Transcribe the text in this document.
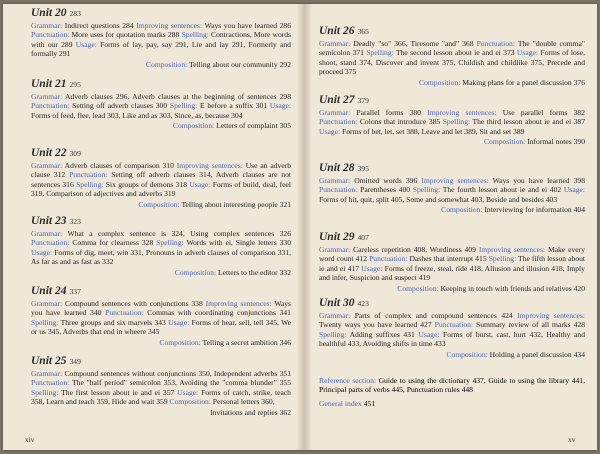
Unit 20 283
Grammar: Indirect questions 284 Improving sentences: Ways you have learned 286 Punctuation: More uses for quotation marks 288 Spelling: Contractions, More words with our 289 Usage: Forms of lay, pay, say 291, Lie and lay 291, Formerly and formally 291
Composition: Telling about our community 292
Unit 21 295
Grammar: Adverb clauses 296, Adverb clauses at the beginning of sentences 298 Punctuation: Setting off adverb clauses 300 Spelling: E before a suffix 301 Usage: Forms of feed, flee, lead 303, Like and as 303, Since, as, because 304
Composition: Letters of complaint 305
Unit 22 309
Grammar: Adverb clauses of comparison 310 Improving sentences: Use an adverb clause 312 Punctuation: Setting off adverb clauses 314, Adverb clauses are not sentences 316 Spelling: Six groups of demons 318 Usage: Forms of build, deal, feel 319, Comparison of adjectives and adverbs 319
Composition: Telling about interesting people 321
Unit 23 323
Grammar: What a complex sentence is 324, Using complex sentences 326 Punctuation: Comma for clearness 328 Spelling: Words with ei, Single letters 330 Usage: Forms of dig, meet, win 331, Pronouns in adverb clauses of comparison 331, As far as and as fast as 332
Composition: Letters to the editor 332
Unit 24 337
Grammar: Compound sentences with conjunctions 338 Improving sentences: Ways you have learned 340 Punctuation: Commas with coordinating conjunctions 341 Spelling: Three groups and six marvels 343 Usage: Forms of hear, sell, tell 345, We or us 345, Adverbs that end in wheere 345
Composition: Telling a secret ambition 346
Unit 25 349
Grammar: Compound sentences without conjunctions 350, Independent adverbs 351 Punctuation: The "half period" semicolon 353, Avoiding the "comma blunder" 355 Spelling: The first lesson about ie and ei 357 Usage: Forms of catch, strike, teach 358, Learn and teach 359, Hide and wait 359 Composition: Personal letters 360,
Invitations and replies 362
Unit 26 365
Grammar: Deadly "so" 366, Tiresome "and" 368 Punctuation: The "double comma" semicolon 371 Spelling: The second lesson about ie and ei 373 Usage: Forms of lose, shoot, stand 374, Discover and invent 375, Childish and childlike 375, Precede and proceed 375
Composition: Making plans for a panel discussion 376
Unit 27 379
Grammar: Parallel forms 380 Improving sentences: Use parallel forms 382 Punctuation: Colons that introduce 385 Spelling: The third lesson about ie and ei 387 Usage: Forms of bet, let, set 388, Leave and let 389, Sit and set 389
Composition: Informal notes 390
Unit 28 395
Grammar: Omitted words 396 Improving sentences: Ways you have learned 398 Punctuation: Parentheses 400 Spelling: The fourth lesson about ie and ei 402 Usage: Forms of hit, quit, split 405, Some and somewhat 403, Beside and besides 403
Composition: Interviewing for information 404
Unit 29 407
Grammar: Careless repetition 408, Wordiness 409 Improving sentences: Make every word count 412 Punctuation: Dashes that interrupt 415 Spelling: The fifth lesson about ie and ei 417 Usage: Forms of freeze, steal, ride 418, Allusion and illusion 418, Imply and infer, Suspicion and suspect 419
Composition: Keeping in touch with friends and relatives 420
Unit 30 423
Grammar: Parts of complex and compound sentences 424 Improving sentences: Twenty ways you have learned 427 Punctuation: Summary review of all marks 428 Spelling: Adding suffixes 431 Usage: Forms of burst, cast, hurt 432, Healthy and healthful 433, Avoiding shifts in time 433
Composition: Holding a panel discussion 434
Reference section: Guide to using the dictionary 437, Guide to using the library 441, Principal parts of verbs 445, Punctuation rules 448
General index 451
xiv	xv
